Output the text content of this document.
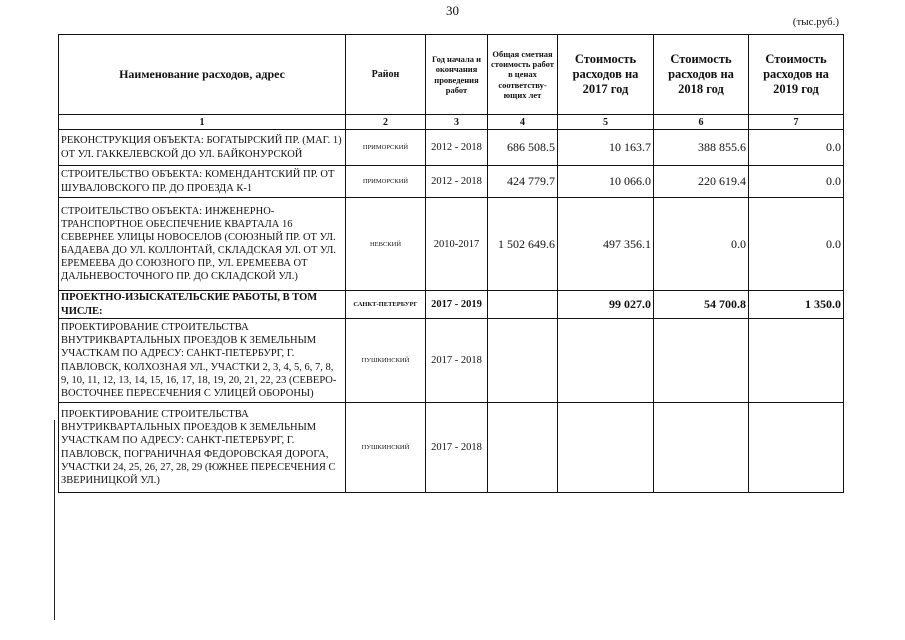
30
(тыс.руб.)
Наименование расходов, адрес	Район	Год начала и окончания проведения работ	Общая сметная стоимость работ в ценах соответству-ющих лет	Стоимость расходов на 2017 год	Стоимость расходов на 2018 год	Стоимость расходов на 2019 год
1	2	3	4	5	6	7
РЕКОНСТРУКЦИЯ ОБЪЕКТА: БОГАТЫРСКИЙ ПР. (МАГ. 1) ОТ УЛ. ГАККЕЛЕВСКОЙ ДО УЛ. БАЙКОНУРСКОЙ	ПРИМОРСКИЙ	2012 - 2018	686 508.5	10 163.7	388 855.6	0.0
СТРОИТЕЛЬСТВО ОБЪЕКТА: КОМЕНДАНТСКИЙ ПР. ОТ ШУВАЛОВСКОГО ПР. ДО ПРОЕЗДА К-1	ПРИМОРСКИЙ	2012 - 2018	424 779.7	10 066.0	220 619.4	0.0
СТРОИТЕЛЬСТВО ОБЪЕКТА: ИНЖЕНЕРНО-ТРАНСПОРТНОЕ ОБЕСПЕЧЕНИЕ КВАРТАЛА 16 СЕВЕРНЕЕ УЛИЦЫ НОВОСЕЛОВ (СОЮЗНЫЙ ПР. ОТ УЛ. БАДАЕВА ДО УЛ. КОЛЛОНТАЙ, СКЛАДСКАЯ УЛ. ОТ УЛ. ЕРЕМЕЕВА ДО СОЮЗНОГО ПР., УЛ. ЕРЕМЕЕВА ОТ ДАЛЬНЕВОСТОЧНОГО ПР. ДО СКЛАДСКОЙ УЛ.)	НЕВСКИЙ	2010-2017	1 502 649.6	497 356.1	0.0	0.0
ПРОЕКТНО-ИЗЫСКАТЕЛЬСКИЕ РАБОТЫ, В ТОМ ЧИСЛЕ:	САНКТ-ПЕТЕРБУРГ	2017 - 2019		99 027.0	54 700.8	1 350.0
ПРОЕКТИРОВАНИЕ СТРОИТЕЛЬСТВА ВНУТРИКВАРТАЛЬНЫХ ПРОЕЗДОВ К ЗЕМЕЛЬНЫМ УЧАСТКАМ ПО АДРЕСУ: САНКТ-ПЕТЕРБУРГ, Г. ПАВЛОВСК, КОЛХОЗНАЯ УЛ., УЧАСТКИ 2, 3, 4, 5, 6, 7, 8, 9, 10, 11, 12, 13, 14, 15, 16, 17, 18, 19, 20, 21, 22, 23 (СЕВЕРО-ВОСТОЧНЕЕ ПЕРЕСЕЧЕНИЯ С УЛИЦЕЙ ОБОРОНЫ)	ПУШКИНСКИЙ	2017 - 2018				
ПРОЕКТИРОВАНИЕ СТРОИТЕЛЬСТВА ВНУТРИКВАРТАЛЬНЫХ ПРОЕЗДОВ К ЗЕМЕЛЬНЫМ УЧАСТКАМ ПО АДРЕСУ: САНКТ-ПЕТЕРБУРГ, Г. ПАВЛОВСК, ПОГРАНИЧНАЯ ФЕДОРОВСКАЯ ДОРОГА, УЧАСТКИ 24, 25, 26, 27, 28, 29 (ЮЖНЕЕ ПЕРЕСЕЧЕНИЯ С ЗВЕРИНИЦКОЙ УЛ.)	ПУШКИНСКИЙ	2017 - 2018				
